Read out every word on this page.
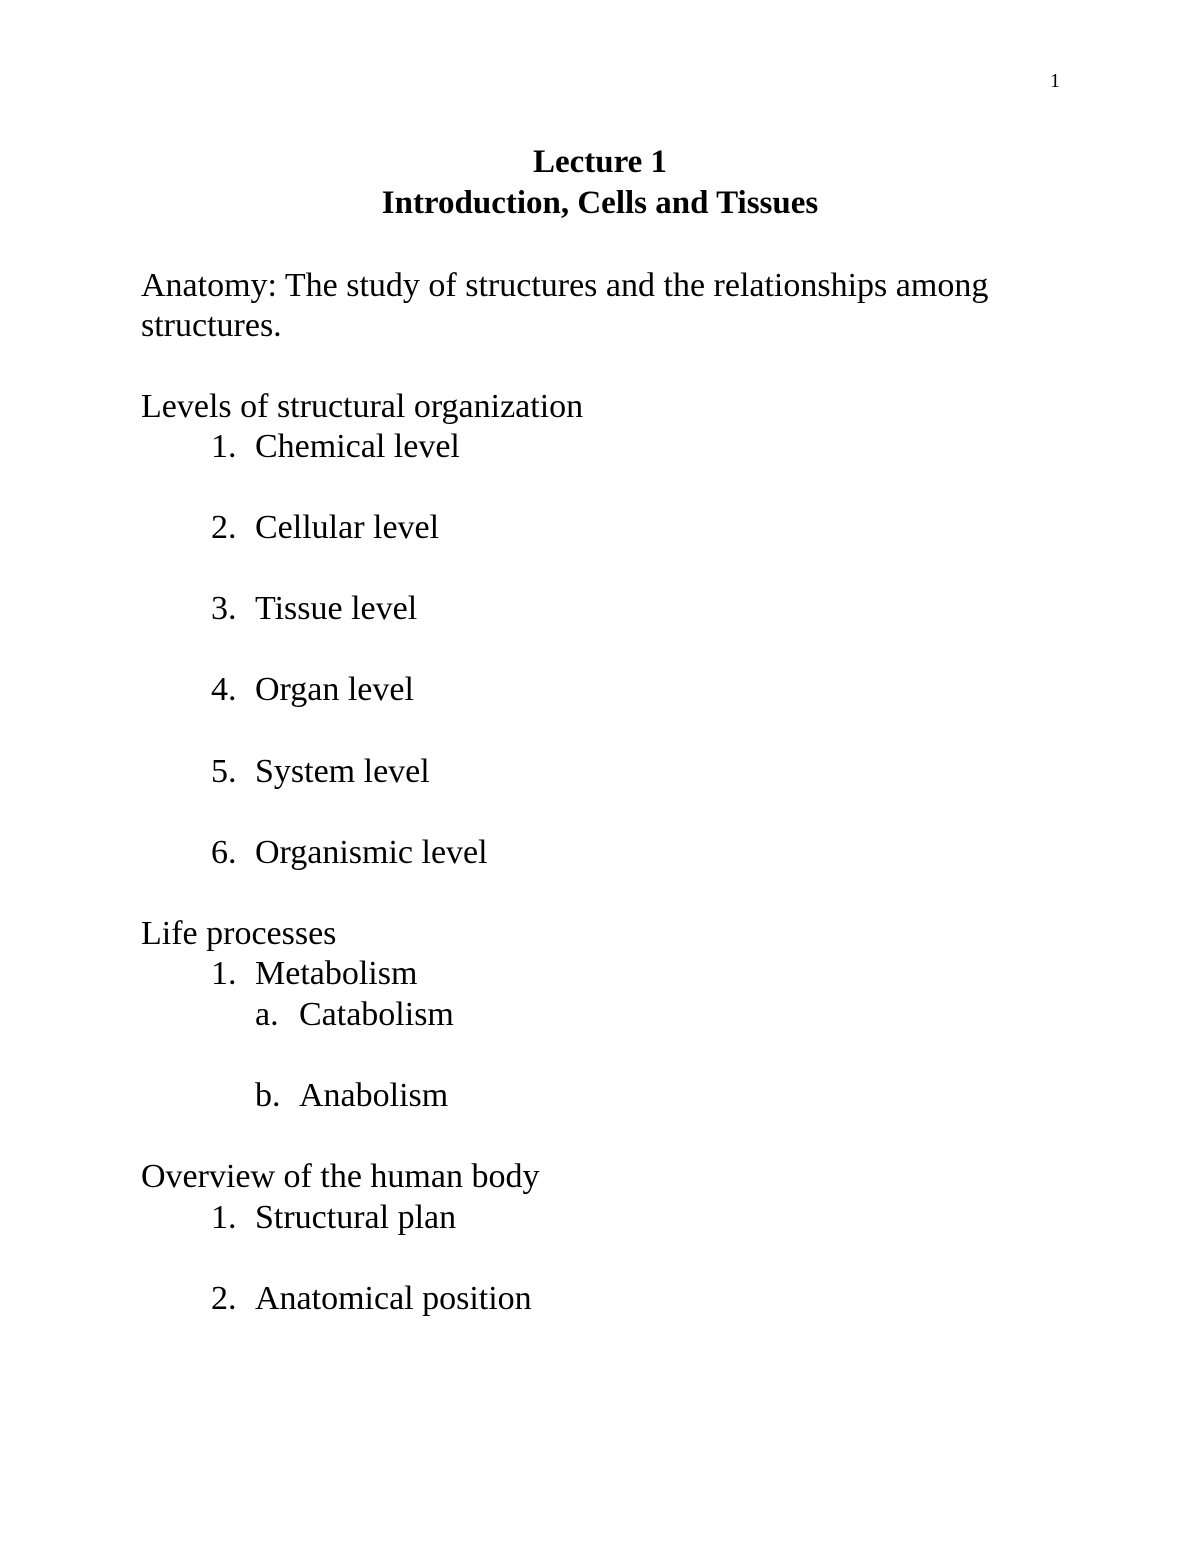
1
Lecture 1
Introduction, Cells and Tissues
Anatomy: The study of structures and the relationships among
structures.
Levels of structural organization
1. Chemical level
2. Cellular level
3. Tissue level
4. Organ level
5. System level
6. Organismic level
Life processes
1. Metabolism
a. Catabolism
b. Anabolism
Overview of the human body
1. Structural plan
2. Anatomical position
